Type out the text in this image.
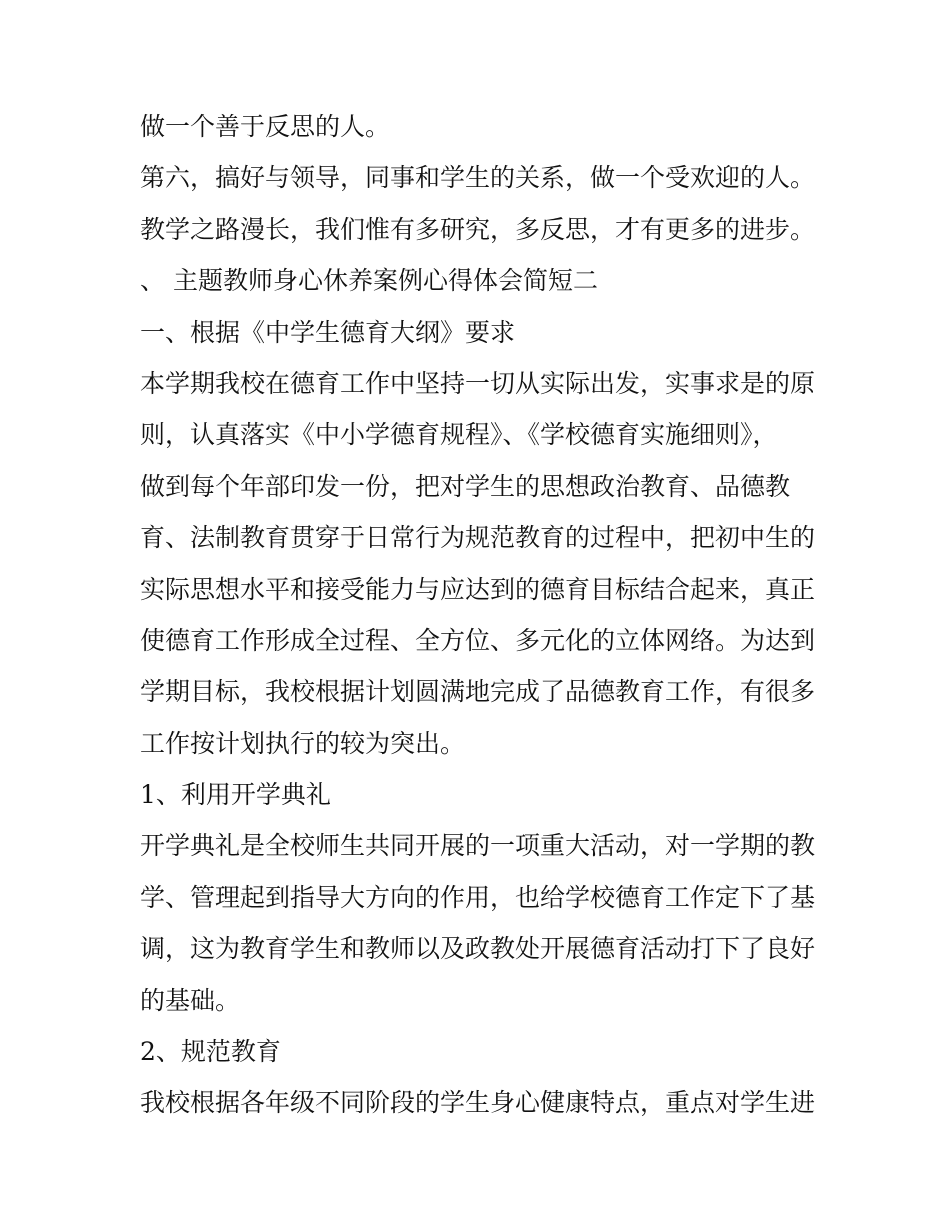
做一个善于反思的人。
第六，搞好与领导，同事和学生的关系，做一个受欢迎的人。
教学之路漫长，我们惟有多研究，多反思，才有更多的进步。
、 主题教师身心休养案例心得体会简短二
一、根据《中学生德育大纲》要求
本学期我校在德育工作中坚持一切从实际出发，实事求是的原
则，认真落实《中小学德育规程》、《学校德育实施细则》，
做到每个年部印发一份，把对学生的思想政治教育、品德教
育、法制教育贯穿于日常行为规范教育的过程中，把初中生的
实际思想水平和接受能力与应达到的德育目标结合起来，真正
使德育工作形成全过程、全方位、多元化的立体网络。为达到
学期目标，我校根据计划圆满地完成了品德教育工作，有很多
工作按计划执行的较为突出。
1、利用开学典礼
开学典礼是全校师生共同开展的一项重大活动，对一学期的教
学、管理起到指导大方向的作用，也给学校德育工作定下了基
调，这为教育学生和教师以及政教处开展德育活动打下了良好
的基础。
2、规范教育
我校根据各年级不同阶段的学生身心健康特点，重点对学生进
